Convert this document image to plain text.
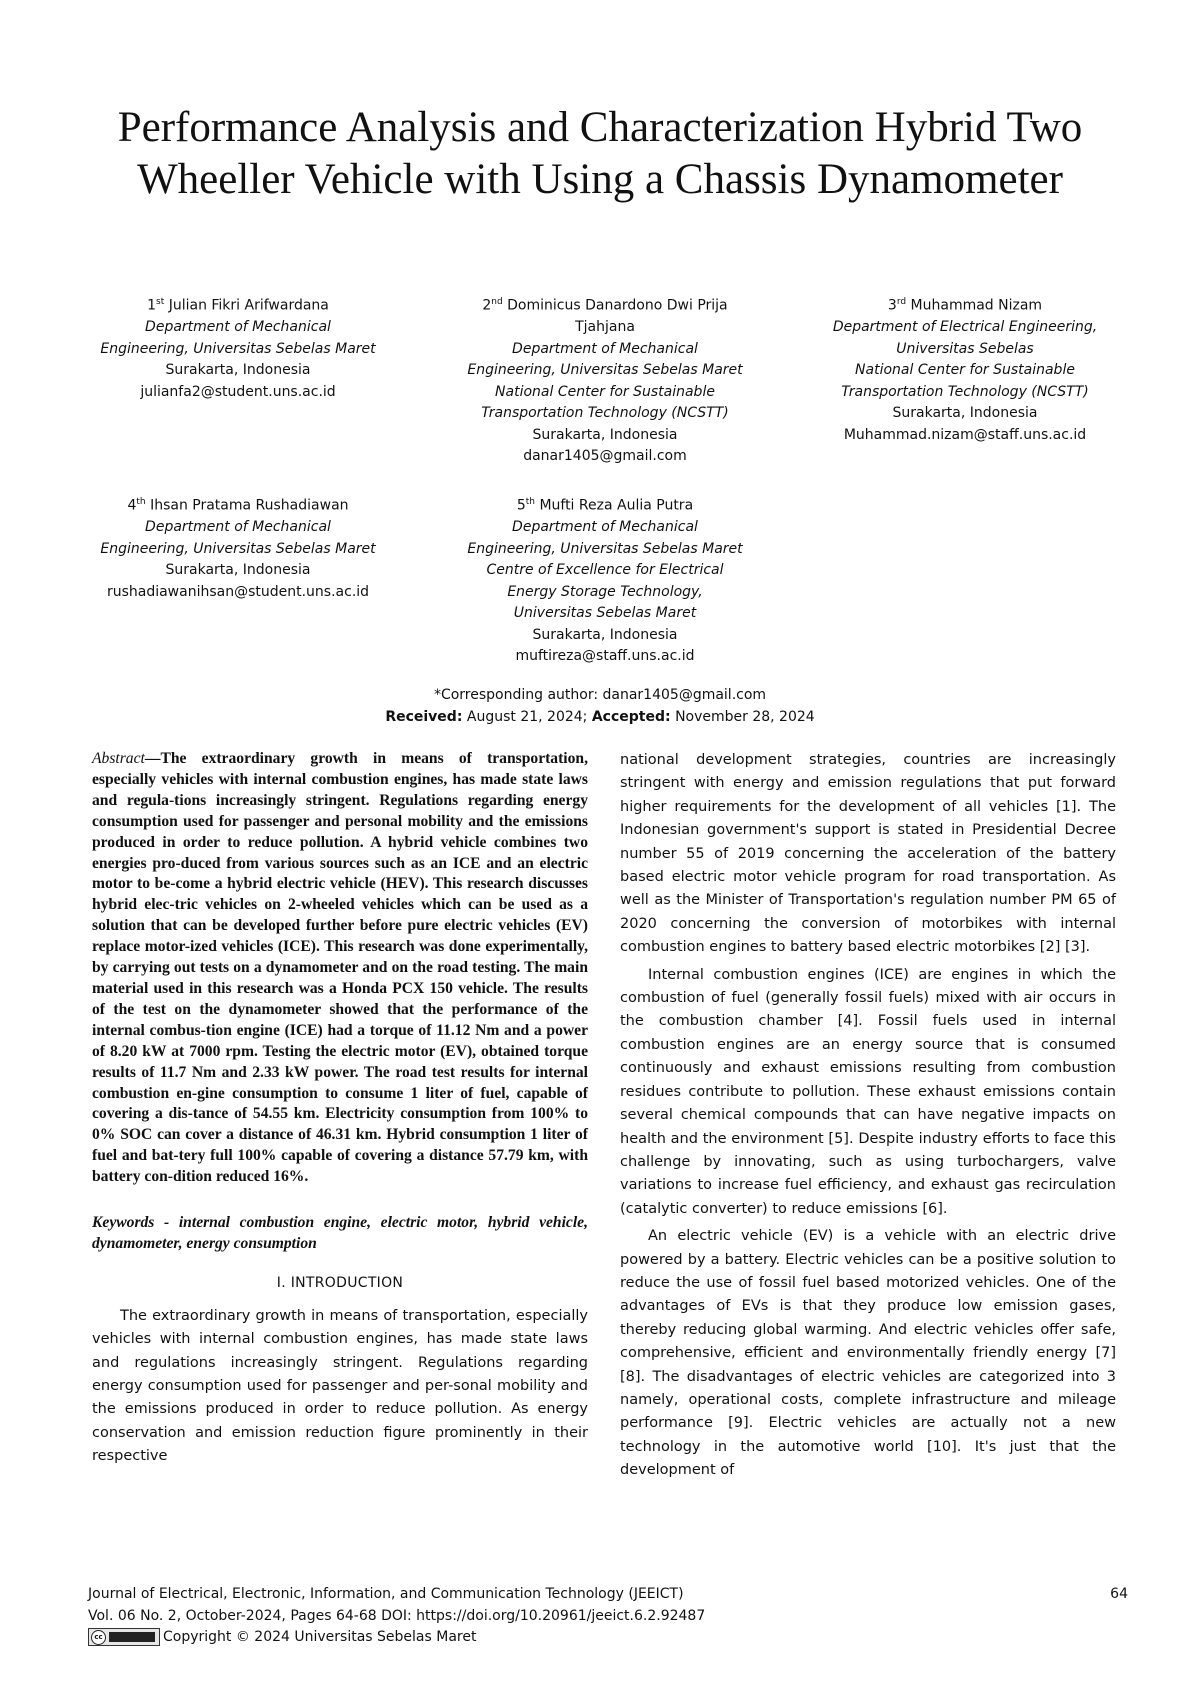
Performance Analysis and Characterization Hybrid Two Wheeller Vehicle with Using a Chassis Dynamometer
1st Julian Fikri Arifwardana
Department of Mechanical
Engineering, Universitas Sebelas Maret
Surakarta, Indonesia
julianfa2@student.uns.ac.id
2nd Dominicus Danardono Dwi Prija
Tjahjana
Department of Mechanical
Engineering, Universitas Sebelas Maret
National Center for Sustainable
Transportation Technology (NCSTT)
Surakarta, Indonesia
danar1405@gmail.com
3rd Muhammad Nizam
Department of Electrical Engineering,
Universitas Sebelas
National Center for Sustainable
Transportation Technology (NCSTT)
Surakarta, Indonesia
Muhammad.nizam@staff.uns.ac.id
4th Ihsan Pratama Rushadiawan
Department of Mechanical
Engineering, Universitas Sebelas Maret
Surakarta, Indonesia
rushadiawanihsan@student.uns.ac.id
5th Mufti Reza Aulia Putra
Department of Mechanical
Engineering, Universitas Sebelas Maret
Centre of Excellence for Electrical
Energy Storage Technology,
Universitas Sebelas Maret
Surakarta, Indonesia
muftireza@staff.uns.ac.id
*Corresponding author: danar1405@gmail.com
Received: August 21, 2024; Accepted: November 28, 2024

Abstract—The extraordinary growth in means of transportation, especially vehicles with internal combustion engines, has made state laws and regula-tions increasingly stringent. Regulations regarding energy consumption used for passenger and personal mobility and the emissions produced in order to reduce pollution. A hybrid vehicle combines two energies pro-duced from various sources such as an ICE and an electric motor to be-come a hybrid electric vehicle (HEV). This research discusses hybrid elec-tric vehicles on 2-wheeled vehicles which can be used as a solution that can be developed further before pure electric vehicles (EV) replace motor-ized vehicles (ICE). This research was done experimentally, by carrying out tests on a dynamometer and on the road testing. The main material used in this research was a Honda PCX 150 vehicle. The results of the test on the dynamometer showed that the performance of the internal combus-tion engine (ICE) had a torque of 11.12 Nm and a power of 8.20 kW at 7000 rpm. Testing the electric motor (EV), obtained torque results of 11.7 Nm and 2.33 kW power. The road test results for internal combustion en-gine consumption to consume 1 liter of fuel, capable of covering a dis-tance of 54.55 km. Electricity consumption from 100% to 0% SOC can cover a distance of 46.31 km. Hybrid consumption 1 liter of fuel and bat-tery full 100% capable of covering a distance 57.79 km, with battery con-dition reduced 16%.

Keywords - internal combustion engine, electric motor, hybrid vehicle, dynamometer, energy consumption

I. INTRODUCTION

The extraordinary growth in means of transportation, especially vehicles with internal combustion engines, has made state laws and regulations increasingly stringent. Regulations regarding energy consumption used for passenger and per-sonal mobility and the emissions produced in order to reduce pollution. As energy conservation and emission reduction figure prominently in their respective

national development strategies, countries are increasingly stringent with energy and emission regulations that put forward higher requirements for the development of all vehicles [1]. The Indonesian government's support is stated in Presidential Decree number 55 of 2019 concerning the acceleration of the battery based electric motor vehicle program for road transportation. As well as the Minister of Transportation's regulation number PM 65 of 2020 concerning the conversion of motorbikes with internal combustion engines to battery based electric motorbikes [2] [3].

Internal combustion engines (ICE) are engines in which the combustion of fuel (generally fossil fuels) mixed with air occurs in the combustion chamber [4]. Fossil fuels used in internal combustion engines are an energy source that is consumed continuously and exhaust emissions resulting from combustion residues contribute to pollution. These exhaust emissions contain several chemical compounds that can have negative impacts on health and the environment [5]. Despite industry efforts to face this challenge by innovating, such as using turbochargers, valve variations to increase fuel efficiency, and exhaust gas recirculation (catalytic converter) to reduce emissions [6].

An electric vehicle (EV) is a vehicle with an electric drive powered by a battery. Electric vehicles can be a positive solution to reduce the use of fossil fuel based motorized vehicles. One of the advantages of EVs is that they produce low emission gases, thereby reducing global warming. And electric vehicles offer safe, comprehensive, efficient and environmentally friendly energy [7] [8]. The disadvantages of electric vehicles are categorized into 3 namely, operational costs, complete infrastructure and mileage performance [9]. Electric vehicles are actually not a new technology in the automotive world [10]. It's just that the development of

Journal of Electrical, Electronic, Information, and Communication Technology (JEEICT)
Vol. 06 No. 2, October-2024, Pages 64-68 DOI: https://doi.org/10.20961/jeeict.6.2.92487
cc	Copyright © 2024 Universitas Sebelas Maret
64
